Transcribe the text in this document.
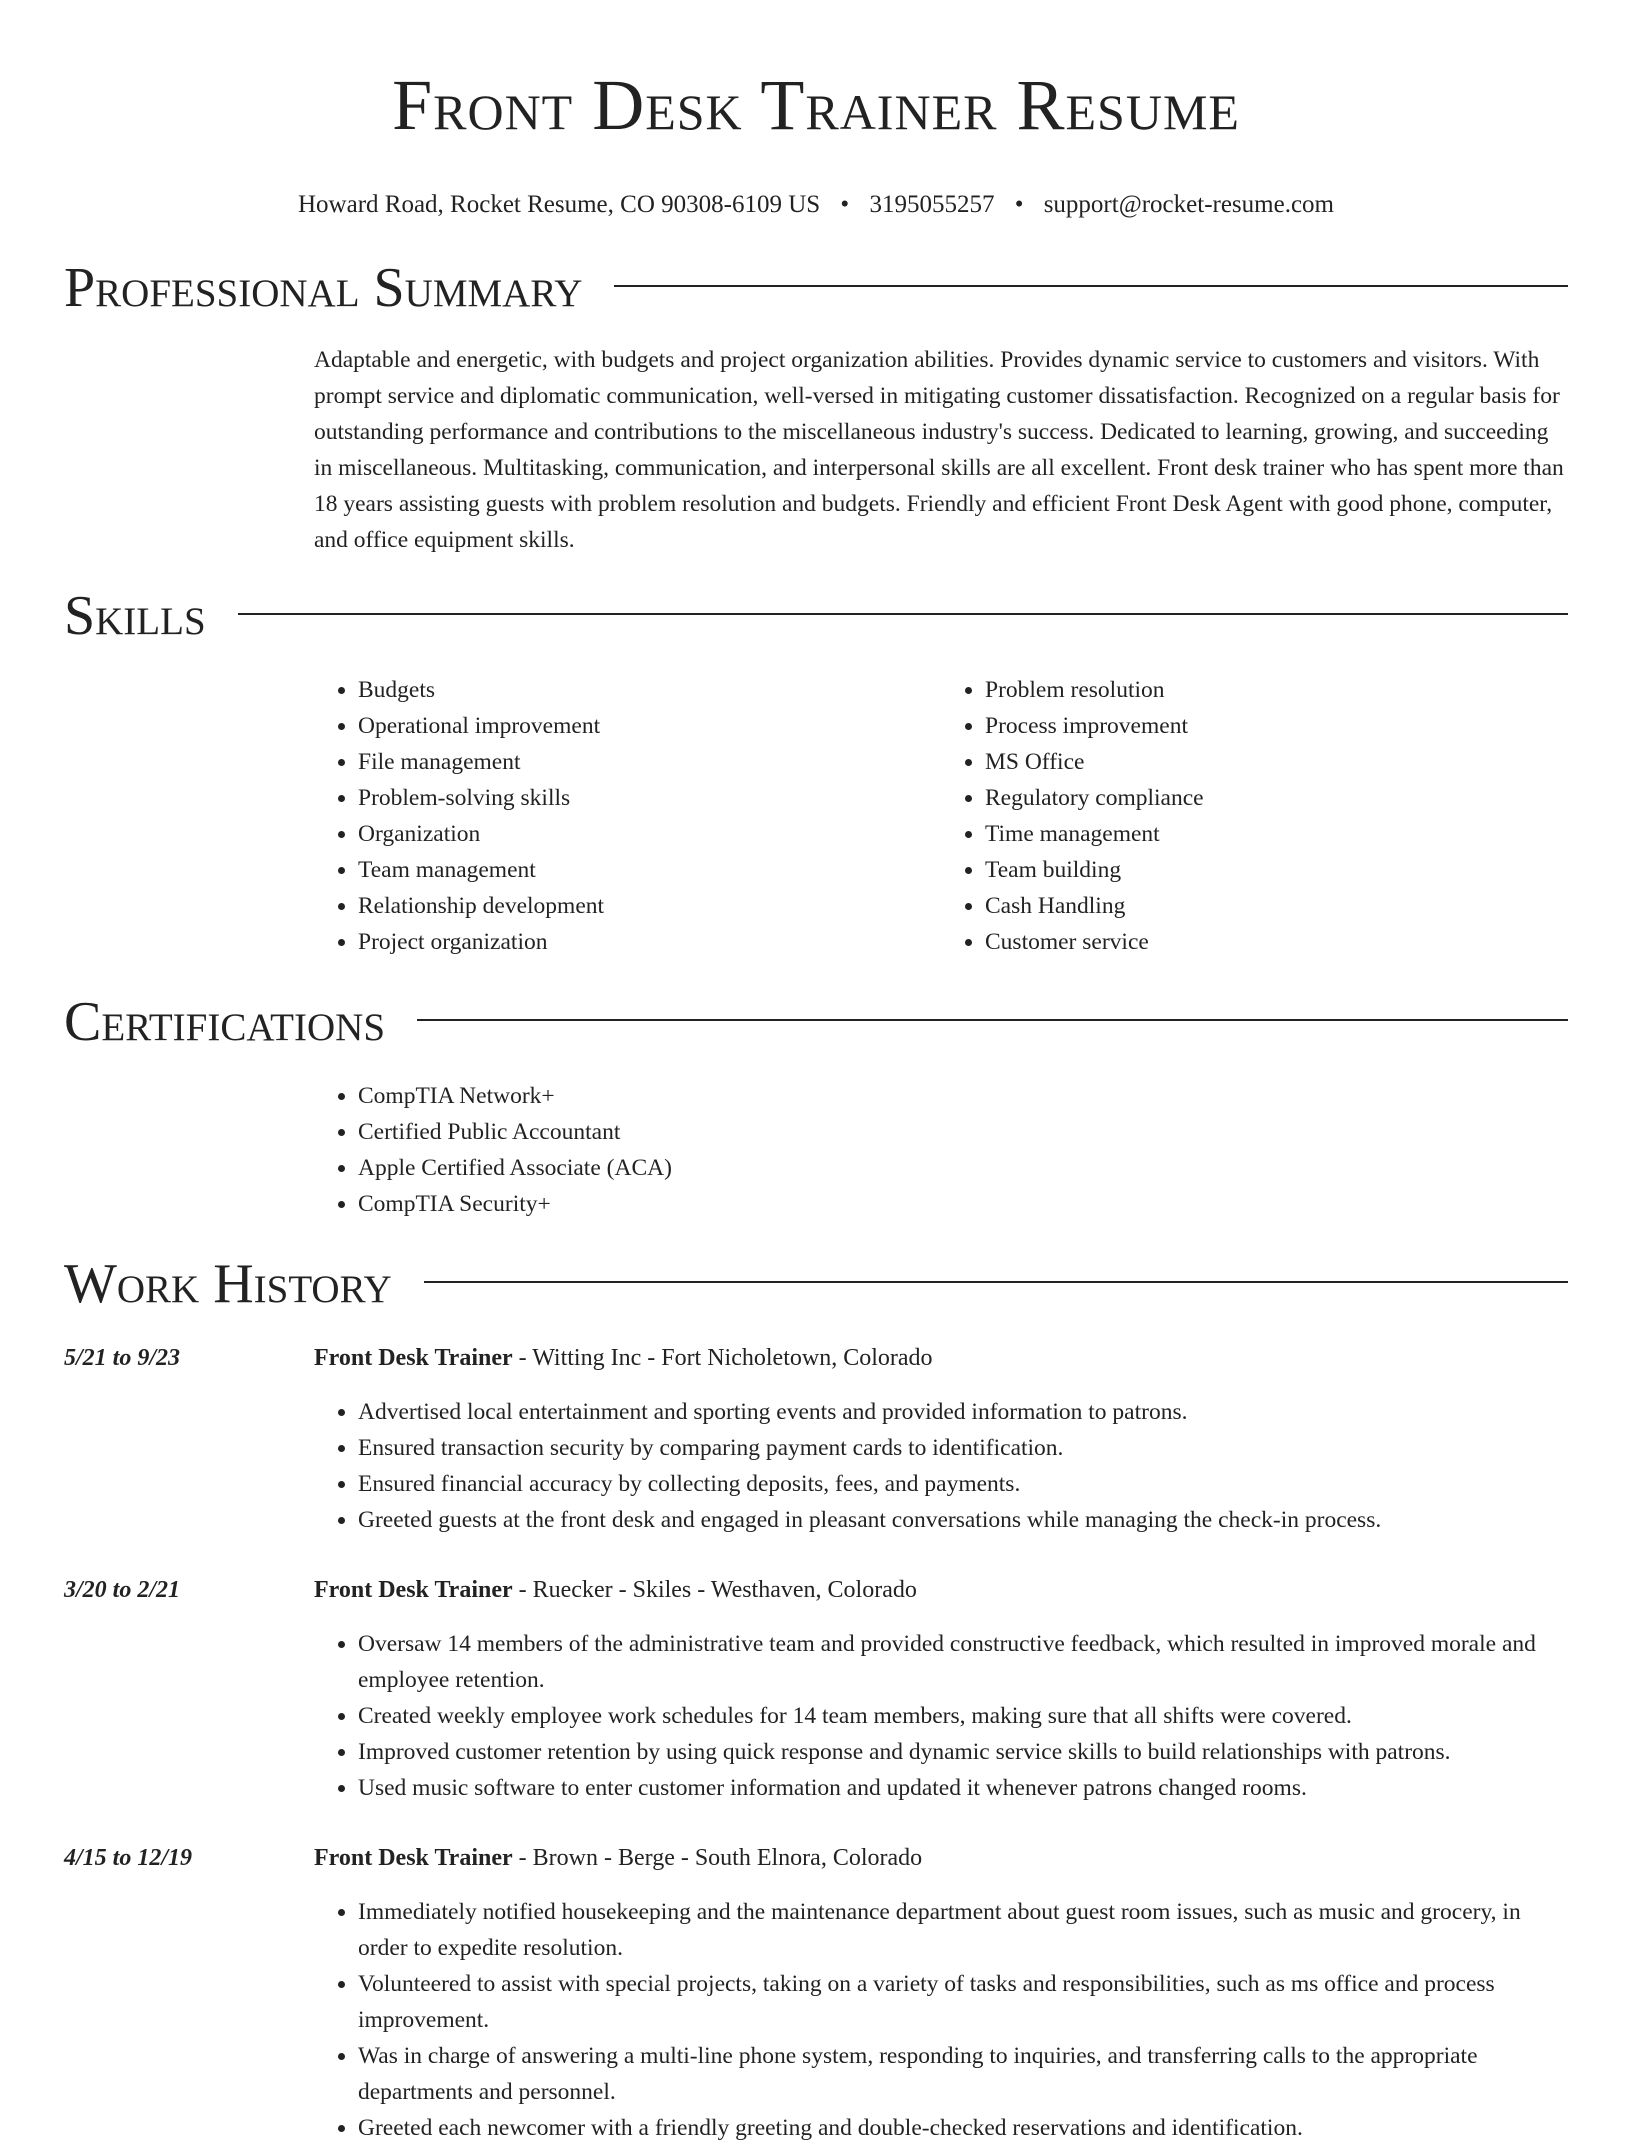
Front Desk Trainer Resume
Howard Road, Rocket Resume, CO 90308-6109 US • 3195055257 • support@rocket-resume.com
Professional Summary
Adaptable and energetic, with budgets and project organization abilities. Provides dynamic service to customers and visitors. With prompt service and diplomatic communication, well-versed in mitigating customer dissatisfaction. Recognized on a regular basis for outstanding performance and contributions to the miscellaneous industry's success. Dedicated to learning, growing, and succeeding in miscellaneous. Multitasking, communication, and interpersonal skills are all excellent. Front desk trainer who has spent more than 18 years assisting guests with problem resolution and budgets. Friendly and efficient Front Desk Agent with good phone, computer, and office equipment skills.
Skills
• Budgets
• Operational improvement
• File management
• Problem-solving skills
• Organization
• Team management
• Relationship development
• Project organization
• Problem resolution
• Process improvement
• MS Office
• Regulatory compliance
• Time management
• Team building
• Cash Handling
• Customer service
Certifications
• CompTIA Network+
• Certified Public Accountant
• Apple Certified Associate (ACA)
• CompTIA Security+
Work History
5/21 to 9/23	Front Desk Trainer - Witting Inc - Fort Nicholetown, Colorado
• Advertised local entertainment and sporting events and provided information to patrons.
• Ensured transaction security by comparing payment cards to identification.
• Ensured financial accuracy by collecting deposits, fees, and payments.
• Greeted guests at the front desk and engaged in pleasant conversations while managing the check-in process.
3/20 to 2/21	Front Desk Trainer - Ruecker - Skiles - Westhaven, Colorado
• Oversaw 14 members of the administrative team and provided constructive feedback, which resulted in improved morale and employee retention.
• Created weekly employee work schedules for 14 team members, making sure that all shifts were covered.
• Improved customer retention by using quick response and dynamic service skills to build relationships with patrons.
• Used music software to enter customer information and updated it whenever patrons changed rooms.
4/15 to 12/19	Front Desk Trainer - Brown - Berge - South Elnora, Colorado
• Immediately notified housekeeping and the maintenance department about guest room issues, such as music and grocery, in order to expedite resolution.
• Volunteered to assist with special projects, taking on a variety of tasks and responsibilities, such as ms office and process improvement.
• Was in charge of answering a multi-line phone system, responding to inquiries, and transferring calls to the appropriate departments and personnel.
• Greeted each newcomer with a friendly greeting and double-checked reservations and identification.
